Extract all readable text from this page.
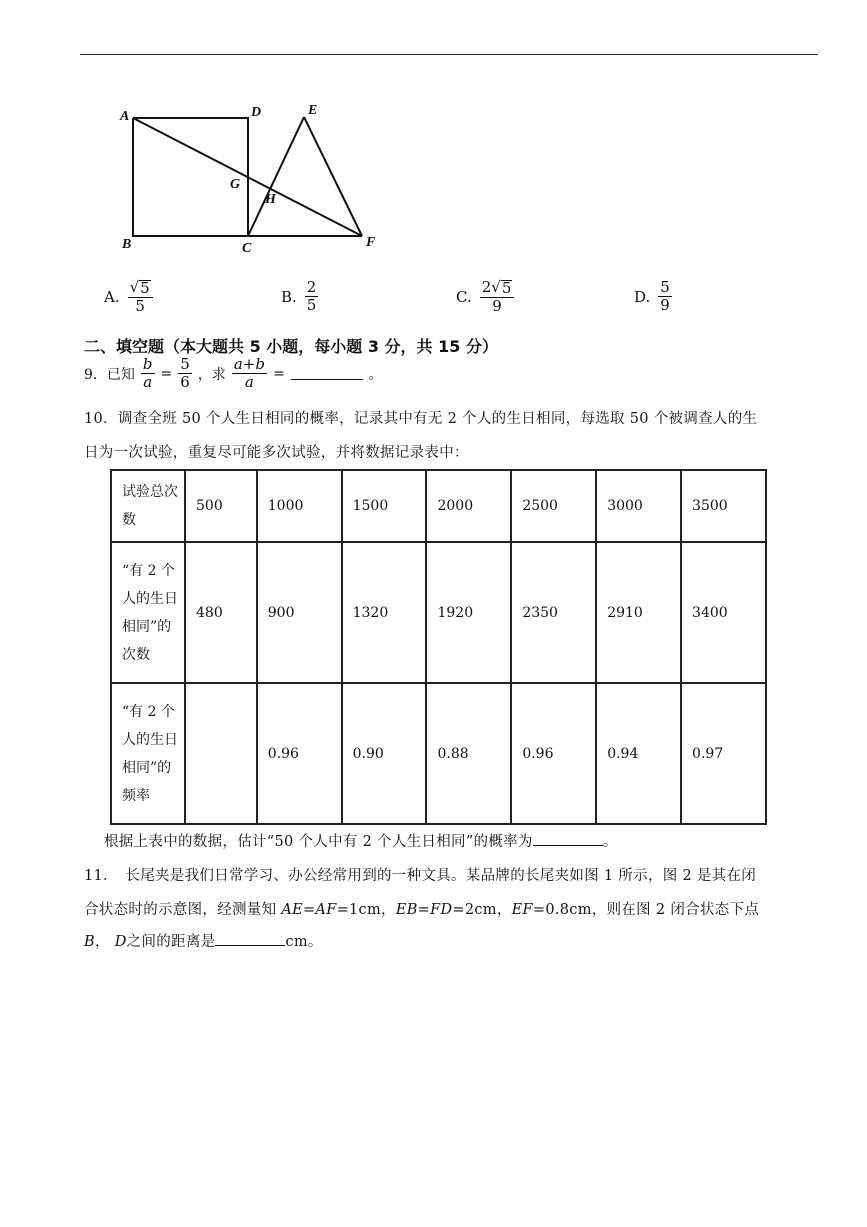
A	D	E
G
H
B	C	F
A. $\frac{√ 5}{5}$	B. $\frac{2}{5}$	C. $\frac{2 √ 5}{9}$	D. $\frac{5}{9}$
二、填空题（本大题共 5 小题，每小题 3 分，共 15 分）
9．已知 $\frac{b}{a} = \frac{5}{6}$ ，求 $\frac{a+b}{a}$ =	。
10．调查全班 50 个人生日相同的概率，记录其中有无 2 个人的生日相同，每选取 50 个被调查人的生
日为一次试验，重复尽可能多次试验，并将数据记录表中：
试验总次数	500	1000	1500	2000	2500	3000	3500
“有 2 个人的生日相同”的次数	480	900	1320	1920	2350	2910	3400
“有 2 个人的生日相同”的频率		0.96	0.90	0.88	0.96	0.94	0.97
根据上表中的数据，估计“50 个人中有 2 个人生日相同”的概率为	。
11．　长尾夹是我们日常学习、办公经常用到的一种文具。某品牌的长尾夹如图 1 所示，图 2 是其在闭
合状态时的示意图，经测量知 AE=AF=1cm，EB=FD=2cm，EF=0.8cm，则在图 2 闭合状态下点
B， D之间的距离是	cm。
